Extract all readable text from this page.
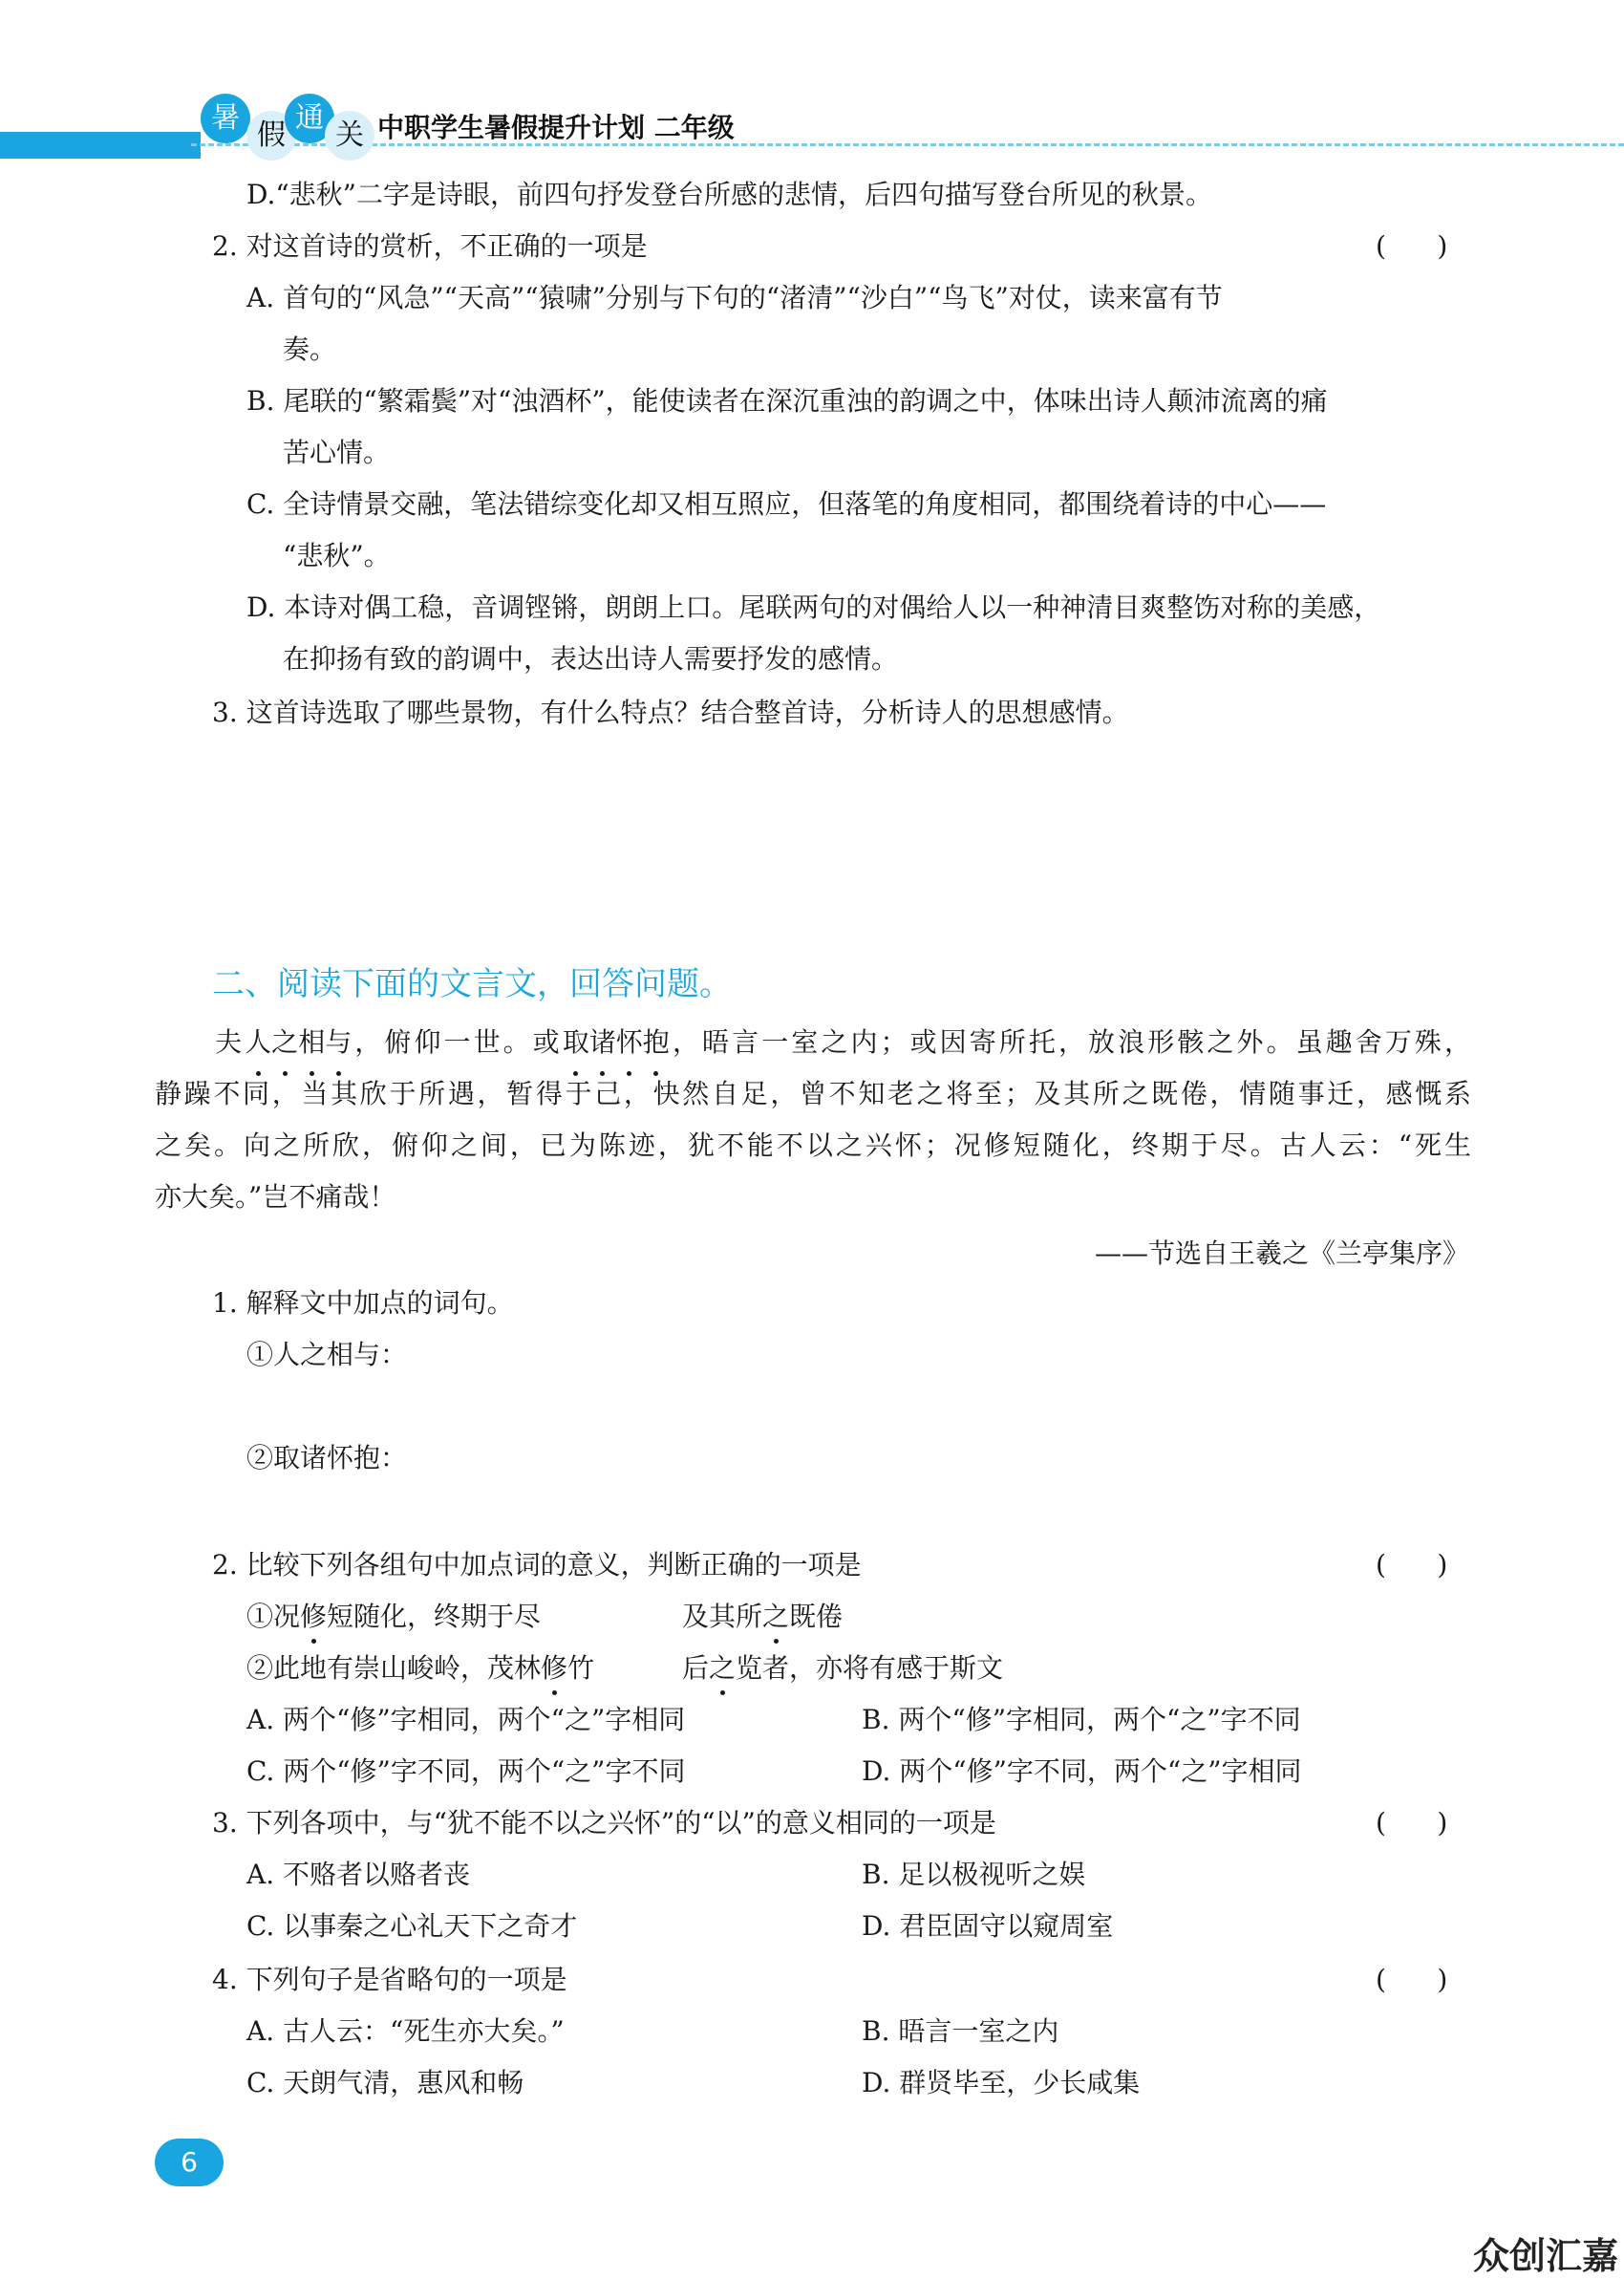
暑
假
通
关 中职学生暑假提升计划 二年级
D.“悲秋”二字是诗眼，前四句抒发登台所感的悲情，后四句描写登台所见的秋景。
2. 对这首诗的赏析，不正确的一项是	(      )
A. 首句的“风急”“天高”“猿啸”分别与下句的“渚清”“沙白”“鸟飞”对仗，读来富有节
奏。
B. 尾联的“繁霜鬓”对“浊酒杯”，能使读者在深沉重浊的韵调之中，体味出诗人颠沛流离的痛
苦心情。
C. 全诗情景交融，笔法错综变化却又相互照应，但落笔的角度相同，都围绕着诗的中心——
“悲秋”。
D. 本诗对偶工稳，音调铿锵，朗朗上口。尾联两句的对偶给人以一种神清目爽整饬对称的美感，
在抑扬有致的韵调中，表达出诗人需要抒发的感情。
3. 这首诗选取了哪些景物，有什么特点？结合整首诗，分析诗人的思想感情。
二、阅读下面的文言文，回答问题。
夫人之相与，俯仰一世。或取诸怀抱，晤言一室之内；或因寄所托，放浪形骸之外。虽趣舍万殊，
静躁不同，当其欣于所遇，暂得于己，快然自足，曾不知老之将至；及其所之既倦，情随事迁，感慨系
之矣。向之所欣，俯仰之间，已为陈迹，犹不能不以之兴怀；况修短随化，终期于尽。古人云：“死生
亦大矣。”岂不痛哉！
——节选自王羲之《兰亭集序》
1. 解释文中加点的词句。
①人之相与：
②取诸怀抱：
2. 比较下列各组句中加点词的意义，判断正确的一项是	(      )
①况修短随化，终期于尽	及其所之既倦
②此地有崇山峻岭，茂林修竹	后之览者，亦将有感于斯文
A. 两个“修”字相同，两个“之”字相同	B. 两个“修”字相同，两个“之”字不同
C. 两个“修”字不同，两个“之”字不同	D. 两个“修”字不同，两个“之”字相同
3. 下列各项中，与“犹不能不以之兴怀”的“以”的意义相同的一项是	(      )
A. 不赂者以赂者丧	B. 足以极视听之娱
C. 以事秦之心礼天下之奇才	D. 君臣固守以窥周室
4. 下列句子是省略句的一项是	(      )
A. 古人云：“死生亦大矣。”	B. 晤言一室之内
C. 天朗气清，惠风和畅	D. 群贤毕至，少长咸集
6
众创汇嘉
